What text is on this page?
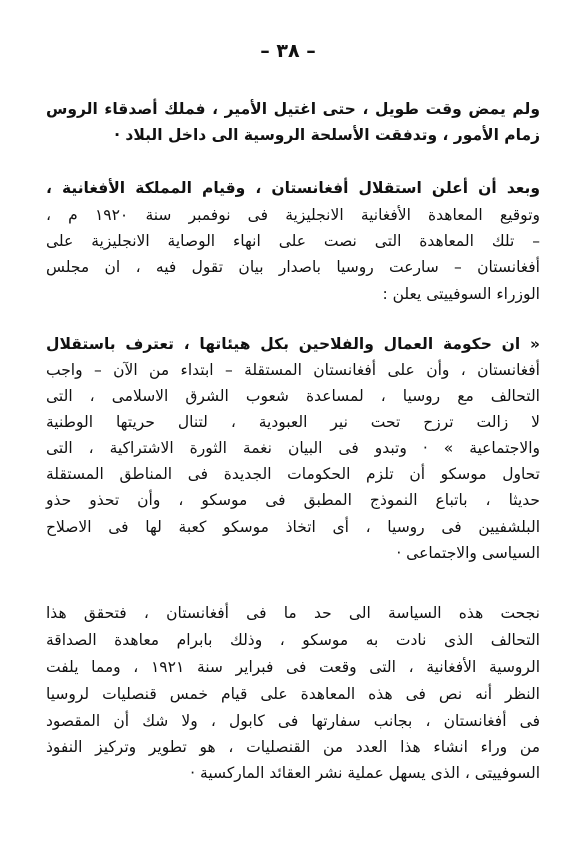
– ٣٨ –
ولم يمض وقت طويل ، حتى اغتيل الأمير ، فملك أصدقاء الروس
زمام الأمور ، وتدفقت الأسلحة الروسية الى داخل البلاد ·
وبعد أن أعلن استقلال أفغانستان ، وقيام المملكة الأفغانية ،
وتوقيع المعاهدة الأفغانية الانجليزية فى نوفمبر سنة ١٩٢٠ م ،
– تلك المعاهدة التى نصت على انهاء الوصاية الانجليزية على
أفغانستان – سارعت روسيا باصدار بيان تقول فيه ، ان مجلس
الوزراء السوفييتى يعلن :
« ان حكومة العمال والفلاحين بكل هيئاتها ، تعترف باستقلال
أفغانستان ، وأن على أفغانستان المستقلة – ابتداء من الآن – واجب
التحالف مع روسيا ، لمساعدة شعوب الشرق الاسلامى ، التى
لا زالت ترزح تحت نير العبودية ، لتنال حريتها الوطنية
والاجتماعية » · وتبدو فى البيان نغمة الثورة الاشتراكية ، التى
تحاول موسكو أن تلزم الحكومات الجديدة فى المناطق المستقلة
حديثا ، باتباع النموذج المطبق فى موسكو ، وأن تحذو حذو
البلشفيين فى روسيا ، أى اتخاذ موسكو كعبة لها فى الاصلاح
السياسى والاجتماعى ·
نجحت هذه السياسة الى حد ما فى أفغانستان ، فتحقق هذا
التحالف الذى نادت به موسكو ، وذلك بابرام معاهدة الصداقة
الروسية الأفغانية ، التى وقعت فى فبراير سنة ١٩٢١ ، ومما يلفت
النظر أنه نص فى هذه المعاهدة على قيام خمس قنصليات لروسيا
فى أفغانستان ، بجانب سفارتها فى كابول ، ولا شك أن المقصود
من وراء انشاء هذا العدد من القنصليات ، هو تطوير وتركيز النفوذ
السوفييتى ، الذى يسهل عملية نشر العقائد الماركسية ·
